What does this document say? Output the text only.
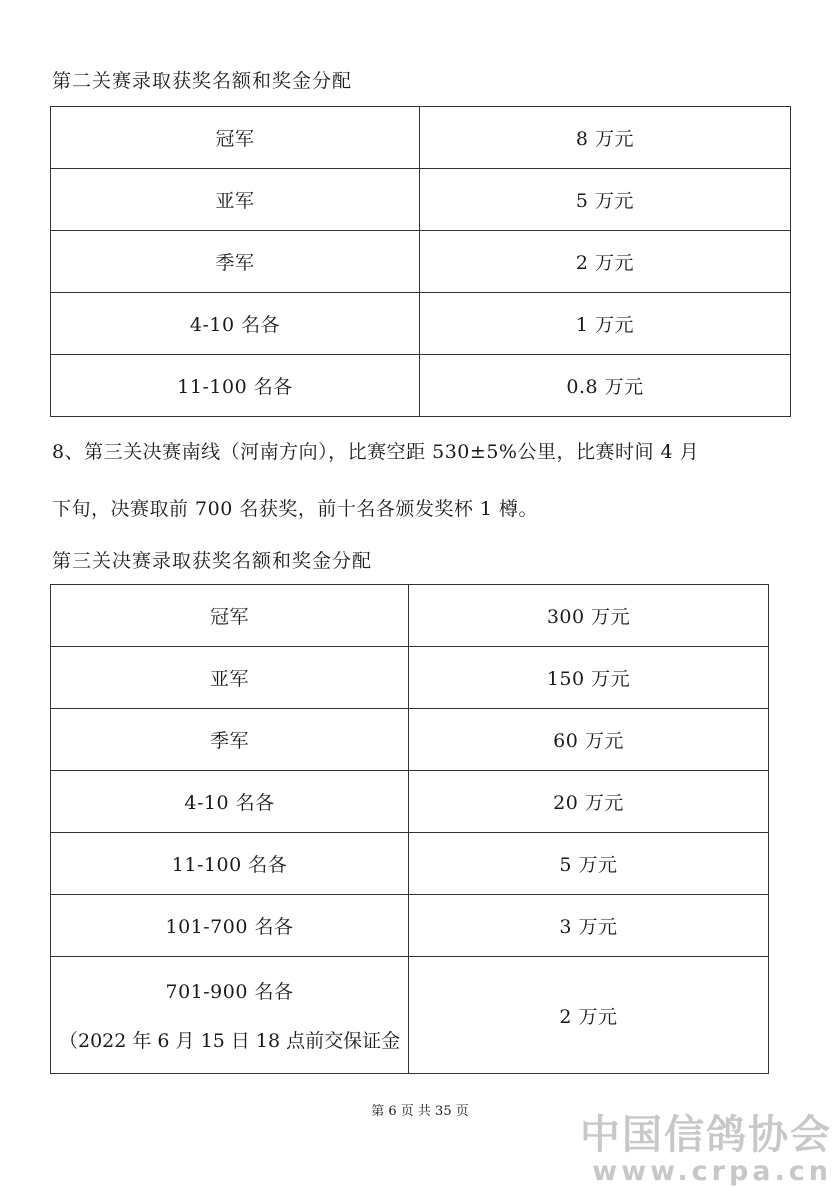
第二关赛录取获奖名额和奖金分配
冠军	8 万元
亚军	5 万元
季军	2 万元
4-10 名各	1 万元
11-100 名各	0.8 万元
8、第三关决赛南线（河南方向），比赛空距 530±5%公里，比赛时间 4 月
下旬，决赛取前 700 名获奖，前十名各颁发奖杯 1 樽。
第三关决赛录取获奖名额和奖金分配
冠军	300 万元
亚军	150 万元
季军	60 万元
4-10 名各	20 万元
11-100 名各	5 万元
101-700 名各	3 万元

701-900 名各
（2022 年 6 月 15 日 18 点前交保证金	2 万元
第 6 页 共 35 页
中国信鸽协会
www.crpa.cn
